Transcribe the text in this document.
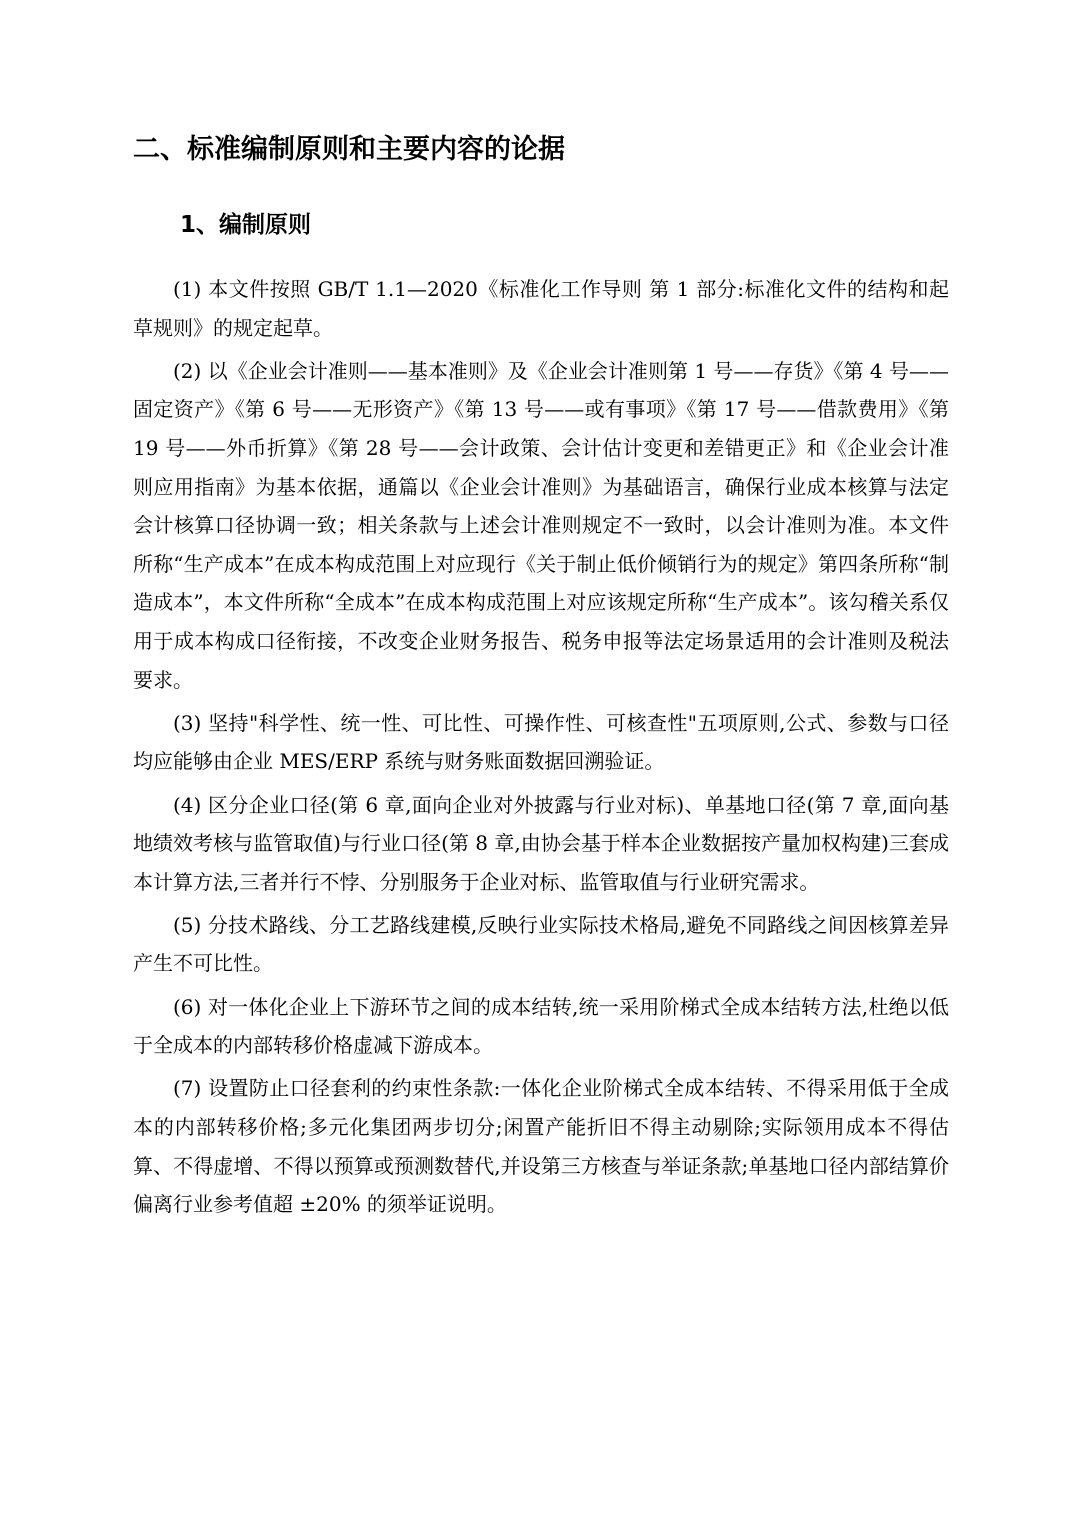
二、标准编制原则和主要内容的论据
1、编制原则

(1) 本文件按照 GB/T 1.1—2020《标准化工作导则 第 1 部分:标准化文件的结构和起草规则》的规定起草。

(2) 以《企业会计准则——基本准则》及《企业会计准则第 1 号——存货》《第 4 号——固定资产》《第 6 号——无形资产》《第 13 号——或有事项》《第 17 号——借款费用》《第 19 号——外币折算》《第 28 号——会计政策、会计估计变更和差错更正》和《企业会计准则应用指南》为基本依据，通篇以《企业会计准则》为基础语言，确保行业成本核算与法定会计核算口径协调一致；相关条款与上述会计准则规定不一致时，以会计准则为准。本文件所称“生产成本”在成本构成范围上对应现行《关于制止低价倾销行为的规定》第四条所称“制造成本”，本文件所称“全成本”在成本构成范围上对应该规定所称“生产成本”。该勾稽关系仅用于成本构成口径衔接，不改变企业财务报告、税务申报等法定场景适用的会计准则及税法要求。

(3) 坚持"科学性、统一性、可比性、可操作性、可核查性"五项原则,公式、参数与口径均应能够由企业 MES/ERP 系统与财务账面数据回溯验证。

(4) 区分企业口径(第 6 章,面向企业对外披露与行业对标)、单基地口径(第 7 章,面向基地绩效考核与监管取值)与行业口径(第 8 章,由协会基于样本企业数据按产量加权构建)三套成本计算方法,三者并行不悖、分别服务于企业对标、监管取值与行业研究需求。

(5) 分技术路线、分工艺路线建模,反映行业实际技术格局,避免不同路线之间因核算差异产生不可比性。

(6) 对一体化企业上下游环节之间的成本结转,统一采用阶梯式全成本结转方法,杜绝以低于全成本的内部转移价格虚减下游成本。

(7) 设置防止口径套利的约束性条款:一体化企业阶梯式全成本结转、不得采用低于全成本的内部转移价格;多元化集团两步切分;闲置产能折旧不得主动剔除;实际领用成本不得估算、不得虚增、不得以预算或预测数替代,并设第三方核查与举证条款;单基地口径内部结算价偏离行业参考值超 ±20% 的须举证说明。
